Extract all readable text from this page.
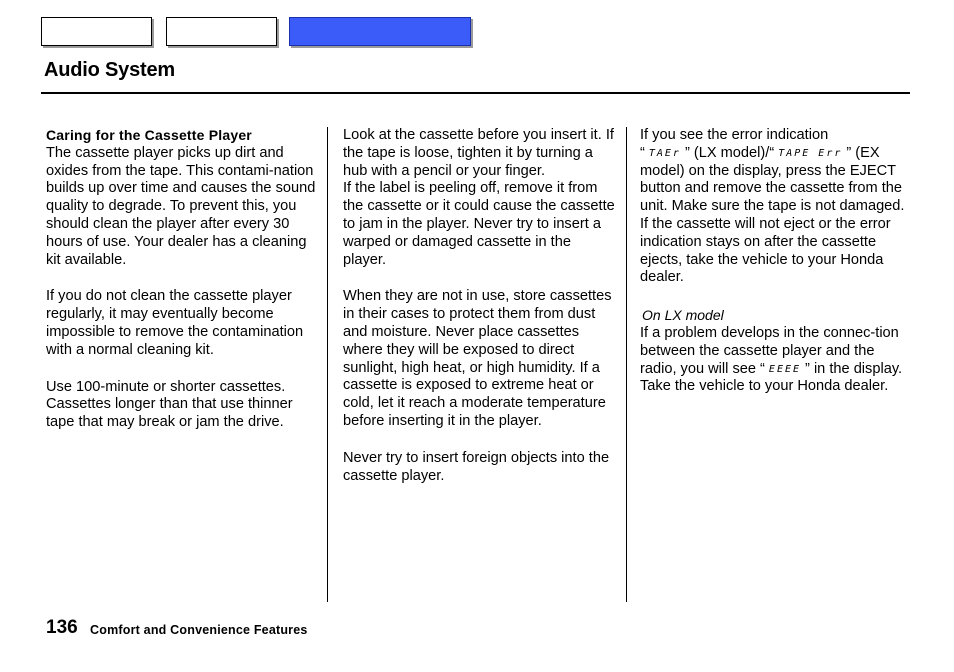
Audio System

Caring for the Cassette Player

The cassette player picks up dirt and oxides from the tape. This contami-nation builds up over time and causes the sound quality to degrade. To prevent this, you should clean the player after every 30 hours of use. Your dealer has a cleaning kit available.

If you do not clean the cassette player regularly, it may eventually become impossible to remove the contamination with a normal cleaning kit.

Use 100-minute or shorter cassettes. Cassettes longer than that use thinner tape that may break or jam the drive.

Look at the cassette before you insert it. If the tape is loose, tighten it by turning a hub with a pencil or your finger.

If the label is peeling off, remove it from the cassette or it could cause the cassette to jam in the player. Never try to insert a warped or damaged cassette in the player.

When they are not in use, store cassettes in their cases to protect them from dust and moisture. Never place cassettes where they will be exposed to direct sunlight, high heat, or high humidity. If a cassette is exposed to extreme heat or cold, let it reach a moderate temperature before inserting it in the player.

Never try to insert foreign objects into the cassette player.

If you see the error indication
“ TAEr ” (LX model)/“ TAPE Err ” (EX model) on the display, press the EJECT button and remove the cassette from the unit. Make sure the tape is not damaged. If the cassette will not eject or the error indication stays on after the cassette ejects, take the vehicle to your Honda dealer.

On LX model

If a problem develops in the connec-tion between the cassette player and the radio, you will see “ EEEE ” in the display. Take the vehicle to your Honda dealer.

136 Comfort and Convenience Features
